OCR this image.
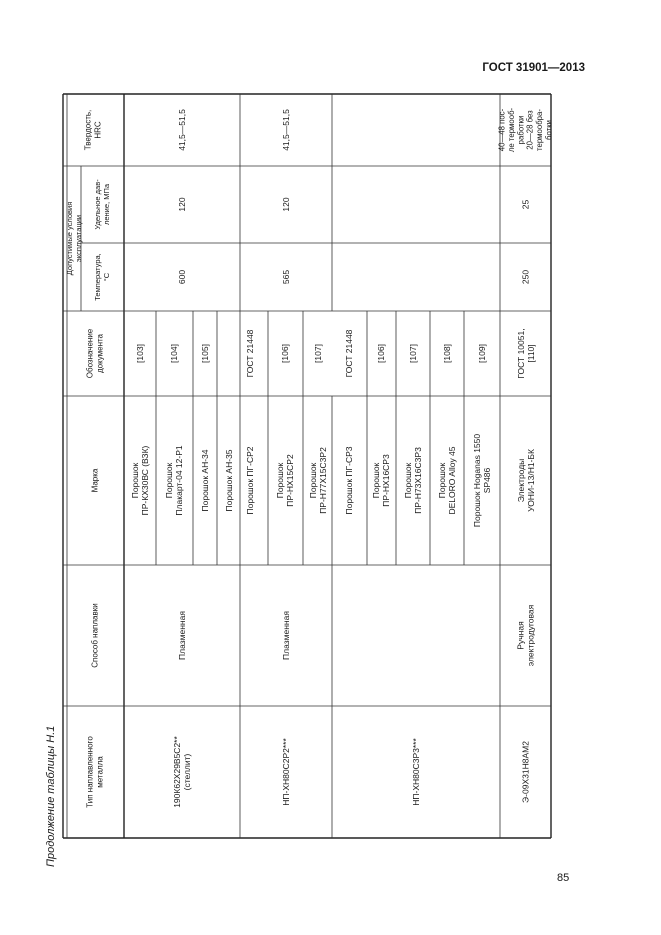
ГОСТ 31901—2013
Продолжение таблицы Н.1
85
Твердость, HRC
Удельное дав- ление, МПа
Допустимые условия эксплуатации
Температура, °С
Обозначение документа
Марка
Способ наплавки
Тип наплавленного металла	190К62Х29В5С2** (стеллит)
Плазменная
41,5—51,5
120
600
Порошок ПР-КХ30ВС (ВЗК)
[103]
Порошок Плакарт-04 12-Р1
[104]
Порошок АН-34
[105]
Порошок АН-35
НП-ХН80С2Р2***
Плазменная
41,5—51,5
120
565
Порошок ПГ-СР2
ГОСТ 21448
Порошок ПР-НХ15СР2
[106]
Порошок ПР-Н77Х15С3Р2
[107]
НП-ХН80С3Р3***
Порошок ПГ-СР3
ГОСТ 21448
Порошок ПР-НХ16СР3
[106]
Порошок ПР-Н73Х16С3Р3
[107]
Порошок DELORO Alloy 45
[108]
Порошок Hoganas 1550 SP486
[109]
Э-09Х31Н8АМ2
Ручная электродуговая
40—48 пос- ле термооб- работки 20—28 без термообра- ботки
25
250
Электроды УОНИ-13/Н1-БК
ГОСТ 10051, [110]
